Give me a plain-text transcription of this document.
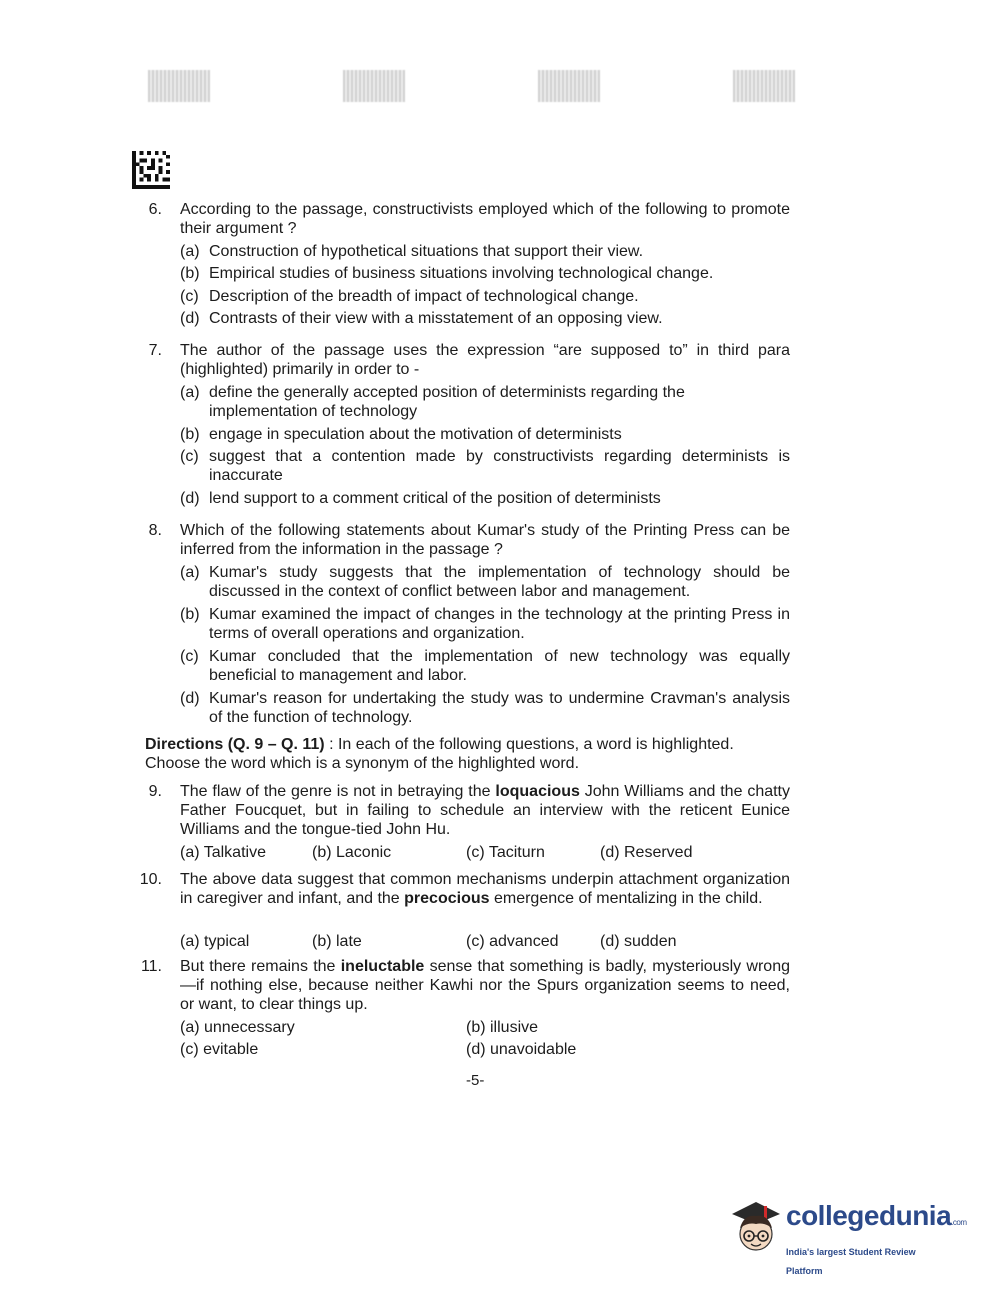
6. According to the passage, constructivists employed which of the following to promote their argument ?
(a) Construction of hypothetical situations that support their view.
(b) Empirical studies of business situations involving technological change.
(c) Description of the breadth of impact of technological change.
(d) Contrasts of their view with a misstatement of an opposing view.
7. The author of the passage uses the expression “are supposed to” in third para (highlighted) primarily in order to -
(a) define the generally accepted position of determinists regarding the implementation of technology
(b) engage in speculation about the motivation of determinists
(c) suggest that a contention made by constructivists regarding determinists is inaccurate
(d) lend support to a comment critical of the position of determinists
8. Which of the following statements about Kumar's study of the Printing Press can be inferred from the information in the passage ?
(a) Kumar's study suggests that the implementation of technology should be discussed in the context of conflict between labor and management.
(b) Kumar examined the impact of changes in the technology at the printing Press in terms of overall operations and organization.
(c) Kumar concluded that the implementation of new technology was equally beneficial to management and labor.
(d) Kumar's reason for undertaking the study was to undermine Cravman's analysis of the function of technology.
Directions (Q. 9 – Q. 11) : In each of the following questions, a word is highlighted. Choose the word which is a synonym of the highlighted word.
9. The flaw of the genre is not in betraying the loquacious John Williams and the chatty Father Foucquet, but in failing to schedule an interview with the reticent Eunice Williams and the tongue-tied John Hu.
(a) Talkative	(b) Laconic	(c) Taciturn	(d) Reserved
10. The above data suggest that common mechanisms underpin attachment organization in caregiver and infant, and the precocious emergence of mentalizing in the child.
(a) typical	(b) late	(c) advanced	(d) sudden
11. But there remains the ineluctable sense that something is badly, mysteriously wrong—if nothing else, because neither Kawhi nor the Spurs organization seems to need, or want, to clear things up.
(a) unnecessary	(b) illusive
(c) evitable	(d) unavoidable
-5-
collegedunia.com
India's largest Student Review Platform
